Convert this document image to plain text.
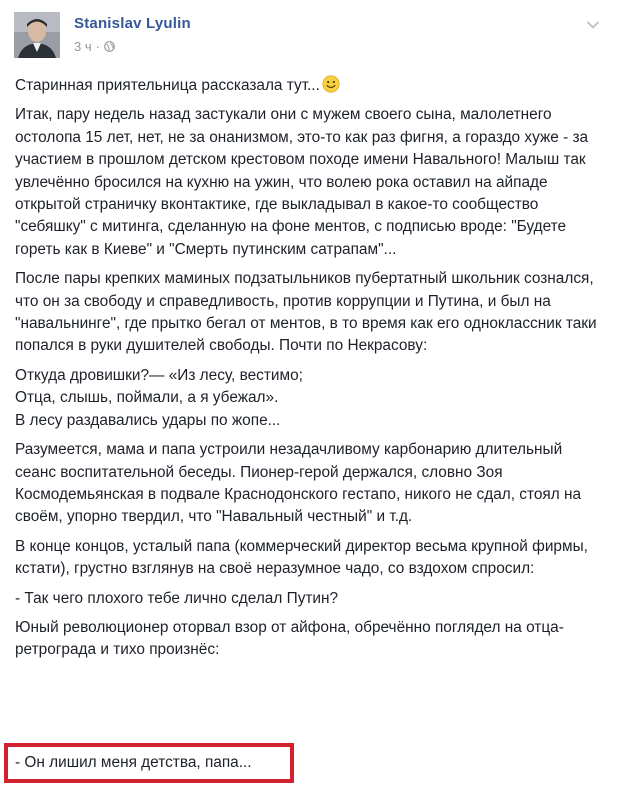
Stanislav Lyulin
3 ч ·

Старинная приятельница рассказала тут...

Итак, пару недель назад застукали они с мужем своего сына, малолетнего остолопа 15 лет, нет, не за онанизмом, это-то как раз фигня, а гораздо хуже - за участием в прошлом детском крестовом походе имени Навального! Малыш так увлечённо бросился на кухню на ужин, что волею рока оставил на айпаде открытой страничку вконтактике, где выкладывал в какое-то сообщество "себяшку" с митинга, сделанную на фоне ментов, с подписью вроде: "Будете гореть как в Киеве" и "Смерть путинским сатрапам"...

После пары крепких маминых подзатыльников пубертатный школьник сознался, что он за свободу и справедливость, против коррупции и Путина, и был на "навальнинге", где прытко бегал от ментов, в то время как его одноклассник таки попался в руки душителей свободы. Почти по Некрасову:

Откуда дровишки?— «Из лесу, вестимо;

Отца, слышь, поймали, а я убежал».

В лесу раздавались удары по жопе...

Разумеется, мама и папа устроили незадачливому карбонарию длительный сеанс воспитательной беседы. Пионер-герой держался, словно Зоя Космодемьянская в подвале Краснодонского гестапо, никого не сдал, стоял на своём, упорно твердил, что "Навальный честный" и т.д.

В конце концов, усталый папа (коммерческий директор весьма крупной фирмы, кстати), грустно взглянув на своё неразумное чадо, со вздохом спросил:

- Так чего плохого тебе лично сделал Путин?

Юный революционер оторвал взор от айфона, обречённо поглядел на отца-ретрограда и тихо произнёс:

- Он лишил меня детства, папа...
